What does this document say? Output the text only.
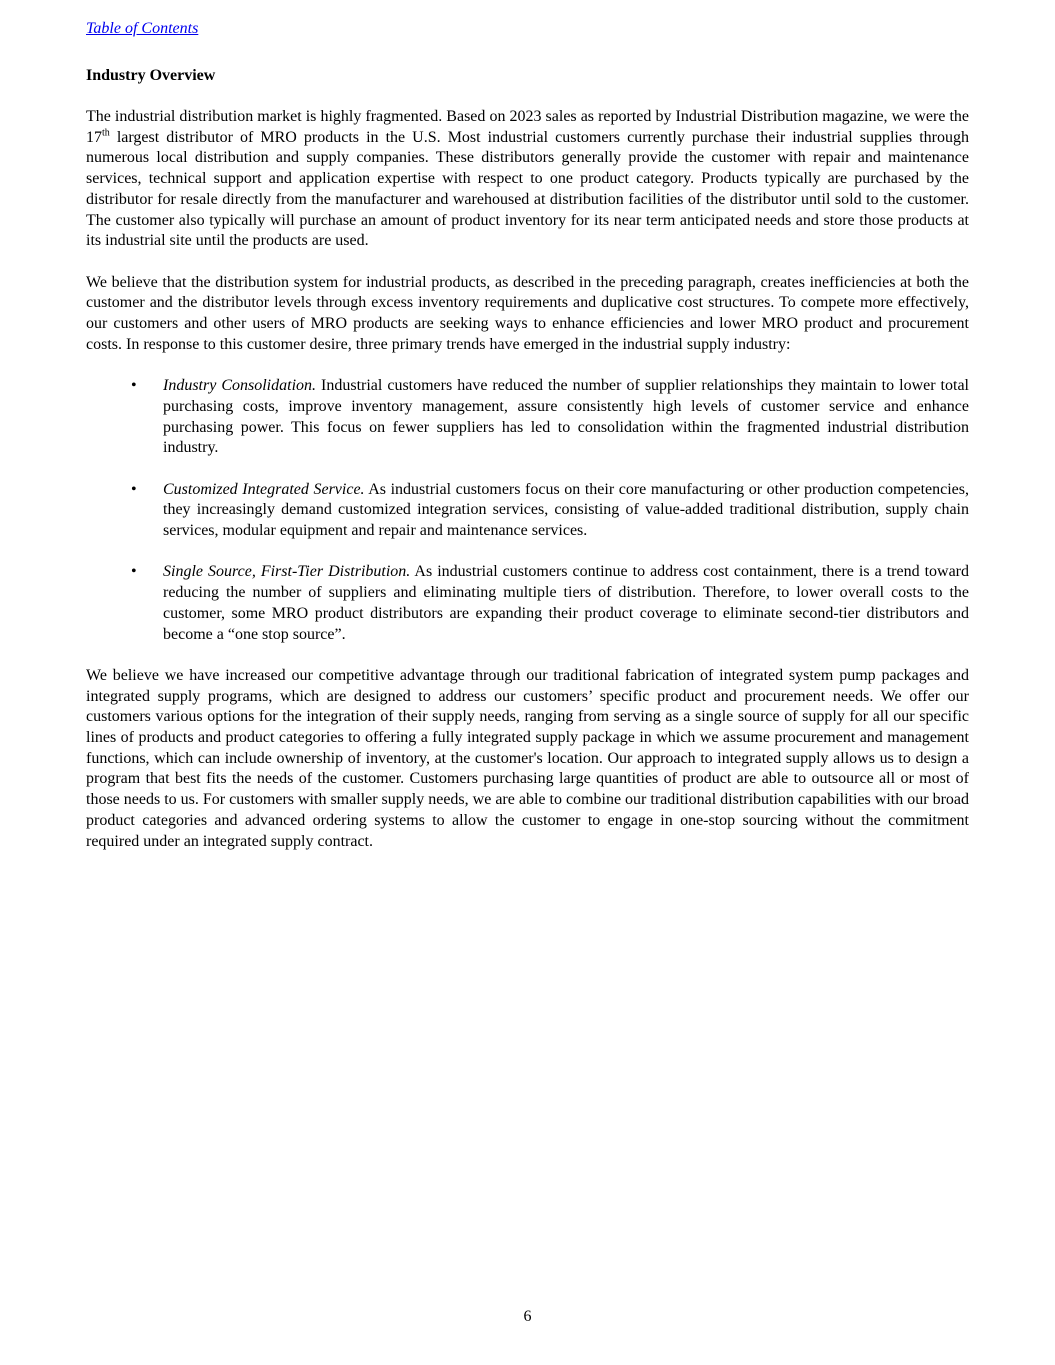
Table of Contents
Industry Overview

The industrial distribution market is highly fragmented. Based on 2023 sales as reported by Industrial Distribution magazine, we were the 17th largest distributor of MRO products in the U.S. Most industrial customers currently purchase their industrial supplies through numerous local distribution and supply companies. These distributors generally provide the customer with repair and maintenance services, technical support and application expertise with respect to one product category. Products typically are purchased by the distributor for resale directly from the manufacturer and warehoused at distribution facilities of the distributor until sold to the customer. The customer also typically will purchase an amount of product inventory for its near term anticipated needs and store those products at its industrial site until the products are used.

We believe that the distribution system for industrial products, as described in the preceding paragraph, creates inefficiencies at both the customer and the distributor levels through excess inventory requirements and duplicative cost structures. To compete more effectively, our customers and other users of MRO products are seeking ways to enhance efficiencies and lower MRO product and procurement costs. In response to this customer desire, three primary trends have emerged in the industrial supply industry:

• Industry Consolidation. Industrial customers have reduced the number of supplier relationships they maintain to lower total purchasing costs, improve inventory management, assure consistently high levels of customer service and enhance purchasing power. This focus on fewer suppliers has led to consolidation within the fragmented industrial distribution industry.
• Customized Integrated Service. As industrial customers focus on their core manufacturing or other production competencies, they increasingly demand customized integration services, consisting of value-added traditional distribution, supply chain services, modular equipment and repair and maintenance services.
• Single Source, First-Tier Distribution. As industrial customers continue to address cost containment, there is a trend toward reducing the number of suppliers and eliminating multiple tiers of distribution. Therefore, to lower overall costs to the customer, some MRO product distributors are expanding their product coverage to eliminate second-tier distributors and become a “one stop source”.

We believe we have increased our competitive advantage through our traditional fabrication of integrated system pump packages and integrated supply programs, which are designed to address our customers’ specific product and procurement needs. We offer our customers various options for the integration of their supply needs, ranging from serving as a single source of supply for all our specific lines of products and product categories to offering a fully integrated supply package in which we assume procurement and management functions, which can include ownership of inventory, at the customer's location. Our approach to integrated supply allows us to design a program that best fits the needs of the customer. Customers purchasing large quantities of product are able to outsource all or most of those needs to us. For customers with smaller supply needs, we are able to combine our traditional distribution capabilities with our broad product categories and advanced ordering systems to allow the customer to engage in one-stop sourcing without the commitment required under an integrated supply contract.

6
